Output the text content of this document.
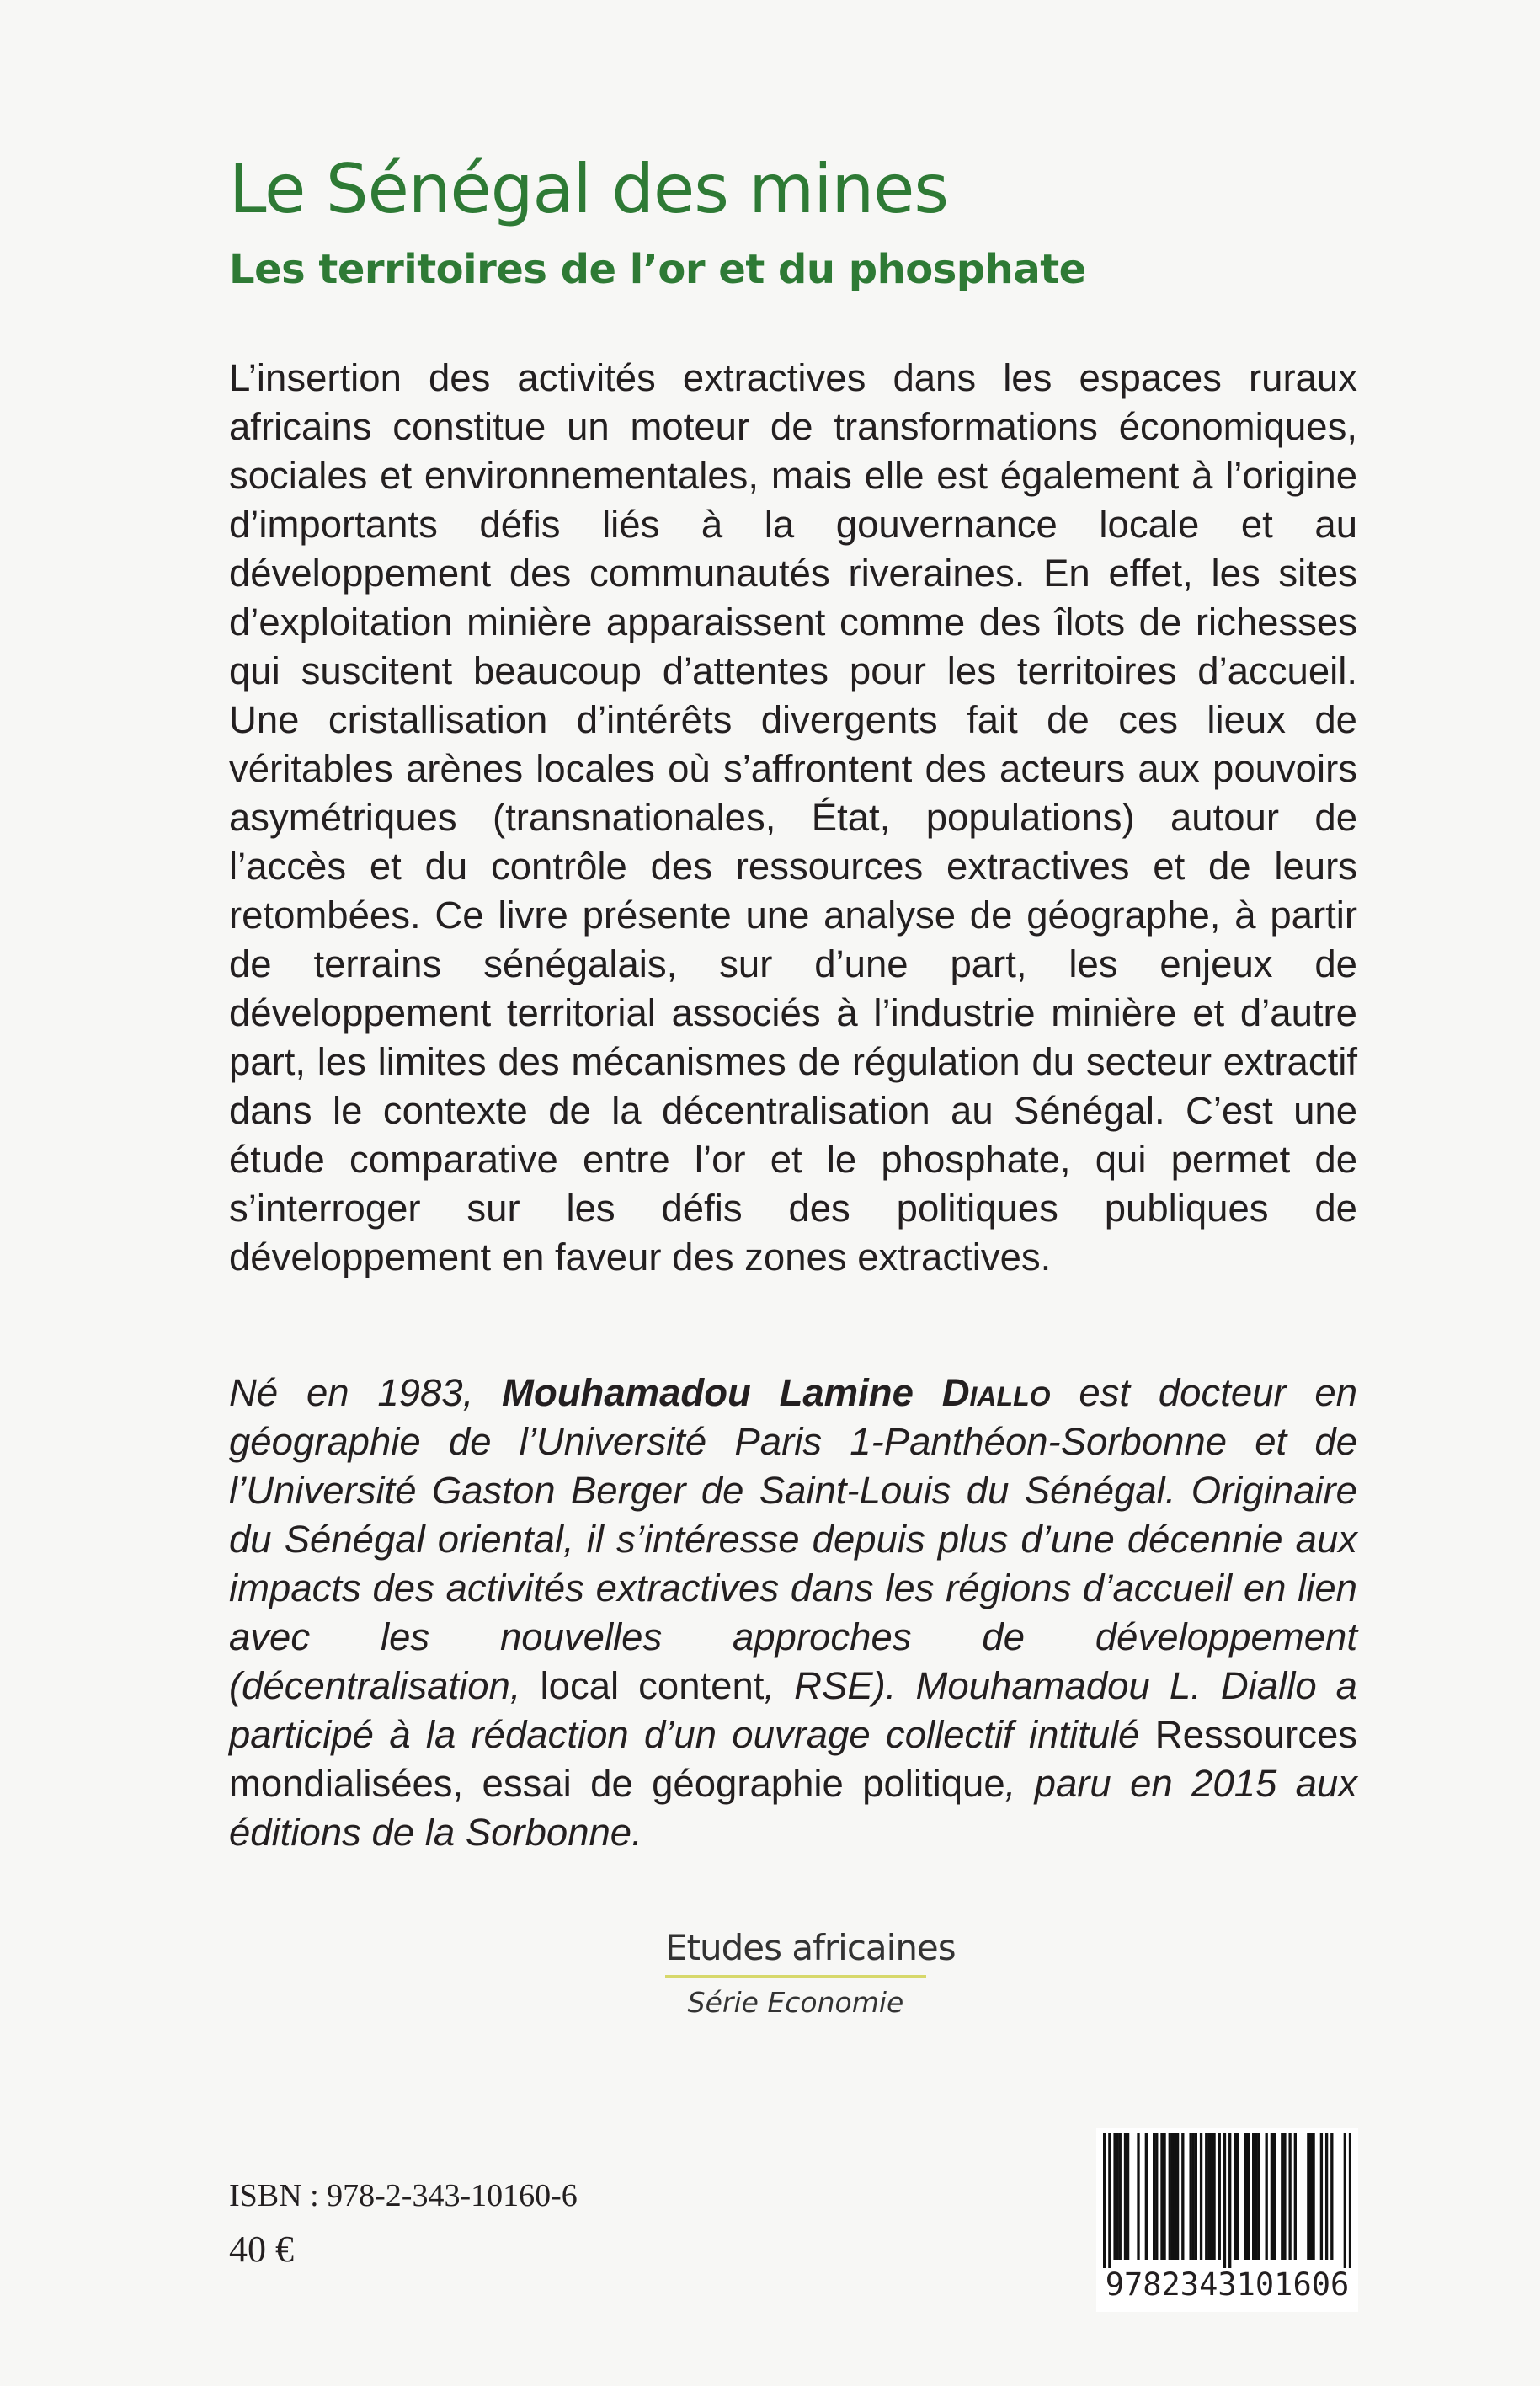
Le Sénégal des mines
Les territoires de l’or et du phosphate

L’insertion des activités extractives dans les espaces ruraux africains constitue un moteur de transformations économiques, sociales et environnementales, mais elle est également à l’origine d’importants défis liés à la gouvernance locale et au développement des communautés riveraines. En effet, les sites d’exploitation minière apparaissent comme des îlots de richesses qui suscitent beaucoup d’attentes pour les territoires d’accueil. Une cristallisation d’intérêts divergents fait de ces lieux de véritables arènes locales où s’affrontent des acteurs aux pouvoirs asymétriques (transnationales, État, populations) autour de l’accès et du contrôle des ressources extractives et de leurs retombées. Ce livre présente une analyse de géographe, à partir de terrains sénégalais, sur d’une part, les enjeux de développement territorial associés à l’industrie minière et d’autre part, les limites des mécanismes de régulation du secteur extractif dans le contexte de la décentralisation au Sénégal. C’est une étude comparative entre l’or et le phosphate, qui permet de s’interroger sur les défis des politiques publiques de développement en faveur des zones extractives.

Né en 1983, Mouhamadou Lamine Diallo est docteur en géographie de l’Université Paris 1-Panthéon-Sorbonne et de l’Université Gaston Berger de Saint-Louis du Sénégal. Originaire du Sénégal oriental, il s’intéresse depuis plus d’une décennie aux impacts des activités extractives dans les régions d’accueil en lien avec les nouvelles approches de développement (décentralisation, local content, RSE). Mouhamadou L. Diallo a participé à la rédaction d’un ouvrage collectif intitulé Ressources mondialisées, essai de géographie politique, paru en 2015 aux éditions de la Sorbonne.

Etudes africaines
Série Economie
ISBN : 978-2-343-10160-6
40 €
9782343101606
